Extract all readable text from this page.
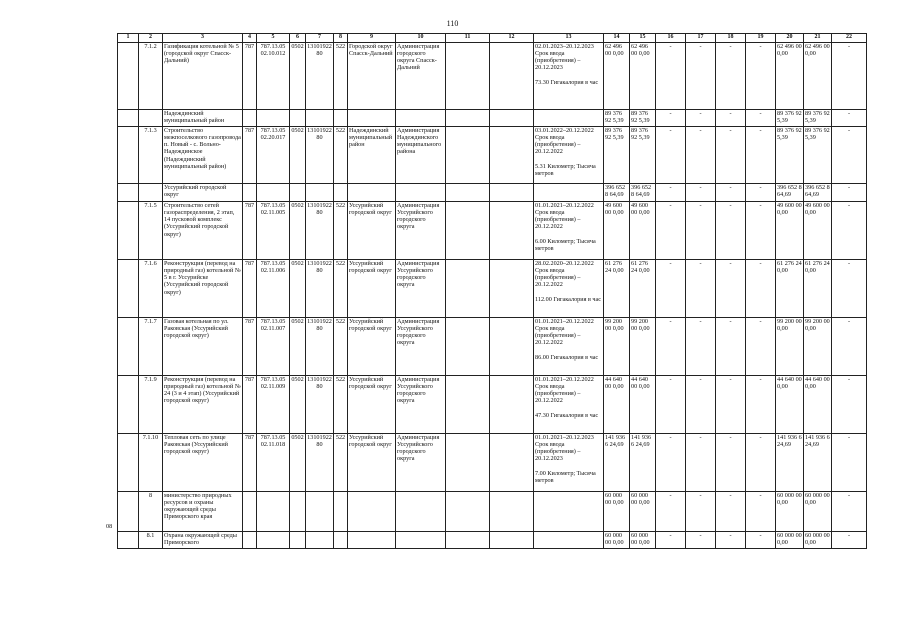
110
1	2	3	4	5	6	7	8	9	10	11	12	13	14	15	16	17	18	19	20	21	22
	7.1.2	Газификация котельной № 5 (городской округ Спасск-Дальний)	787	787.13.05 02.10.012	0502	13101922 80	522	Городской округ Спасск-Дальний	Администрация городского округа Спасск-Дальний			02.01.2023–20.12.2023 Срок ввода (приобретения) – 20.12.2023

73.30 Гигакалория в час	62 496 00 0,00	62 496 00 0,00	-	-	-	-	62 496 00 0,00	62 496 00 0,00	-
		Надеждинский муниципальный район											89 376 92 5,39	89 376 92 5,39	-	-	-	-	89 376 92 5,39	89 376 92 5,39	-
	7.1.3	Строительство межпоселкового газопровода п. Новый - с. Вольно-Надеждинское (Надеждинский муниципальный район)	787	787.13.05 02.20.017	0502	13101922 80	522	Надеждинский муниципальный район	Администрация Надеждинского муниципального района			03.01.2022–20.12.2022 Срок ввода (приобретения) – 20.12.2022

5.31 Километр; Тысяча метров	89 376 92 5,39	89 376 92 5,39	-	-	-	-	89 376 92 5,39	89 376 92 5,39	-
		Уссурийский городской округ											396 652 8 64,69	396 652 8 64,69	-	-	-	-	396 652 8 64,69	396 652 8 64,69	-
	7.1.5	Строительство сетей газораспределения, 2 этап, 14 пусковой комплекс (Уссурийский городской округ)	787	787.13.05 02.11.005	0502	13101922 80	522	Уссурийский городской округ	Администрация Уссурийского городского округа			01.01.2021–20.12.2022 Срок ввода (приобретения) – 20.12.2022

6.00 Километр; Тысяча метров	49 600 00 0,00	49 600 00 0,00	-	-	-	-	49 600 00 0,00	49 600 00 0,00	-
	7.1.6	Реконструкция (перевод на природный газ) котельной № 5 в г. Уссурийске (Уссурийский городской округ)	787	787.13.05 02.11.006	0502	13101922 80	522	Уссурийский городской округ	Администрация Уссурийского городского округа			28.02.2020–20.12.2022 Срок ввода (приобретения) – 20.12.2022

112.00 Гигакалория в час	61 276 24 0,00	61 276 24 0,00	-	-	-	-	61 276 24 0,00	61 276 24 0,00	-
	7.1.7	Газовая котельная по ул. Раковская (Уссурийский городской округ)	787	787.13.05 02.11.007	0502	13101922 80	522	Уссурийский городской округ	Администрация Уссурийского городского округа			01.01.2021–20.12.2022 Срок ввода (приобретения) – 20.12.2022

86.00 Гигакалория в час	99 200 00 0,00	99 200 00 0,00	-	-	-	-	99 200 00 0,00	99 200 00 0,00	-
	7.1.9	Реконструкция (перевод на природный газ) котельной № 24 (3 и 4 этап) (Уссурийский городской округ)	787	787.13.05 02.11.009	0502	13101922 80	522	Уссурийский городской округ	Администрация Уссурийского городского округа			01.01.2021–20.12.2022 Срок ввода (приобретения) – 20.12.2022

47.30 Гигакалория в час	44 640 00 0,00	44 640 00 0,00	-	-	-	-	44 640 00 0,00	44 640 00 0,00	-
	7.1.10	Тепловая сеть по улице Раковская (Уссурийский городской округ)	787	787.13.05 02.11.018	0502	13101922 80	522	Уссурийский городской округ	Администрация Уссурийского городского округа			01.01.2021–20.12.2023 Срок ввода (приобретения) – 20.12.2023

7.00 Километр; Тысяча метров	141 936 6 24,69	141 936 6 24,69	-	-	-	-	141 936 6 24,69	141 936 6 24,69	-
	8	министерство природных ресурсов и охраны окружающей среды Приморского края											60 000 00 0,00	60 000 00 0,00	-	-	-	-	60 000 00 0,00	60 000 00 0,00	-
	8.1	Охрана окружающей среды Приморского											60 000 00 0,00	60 000 00 0,00	-	-	-	-	60 000 00 0,00	60 000 00 0,00	-
08
